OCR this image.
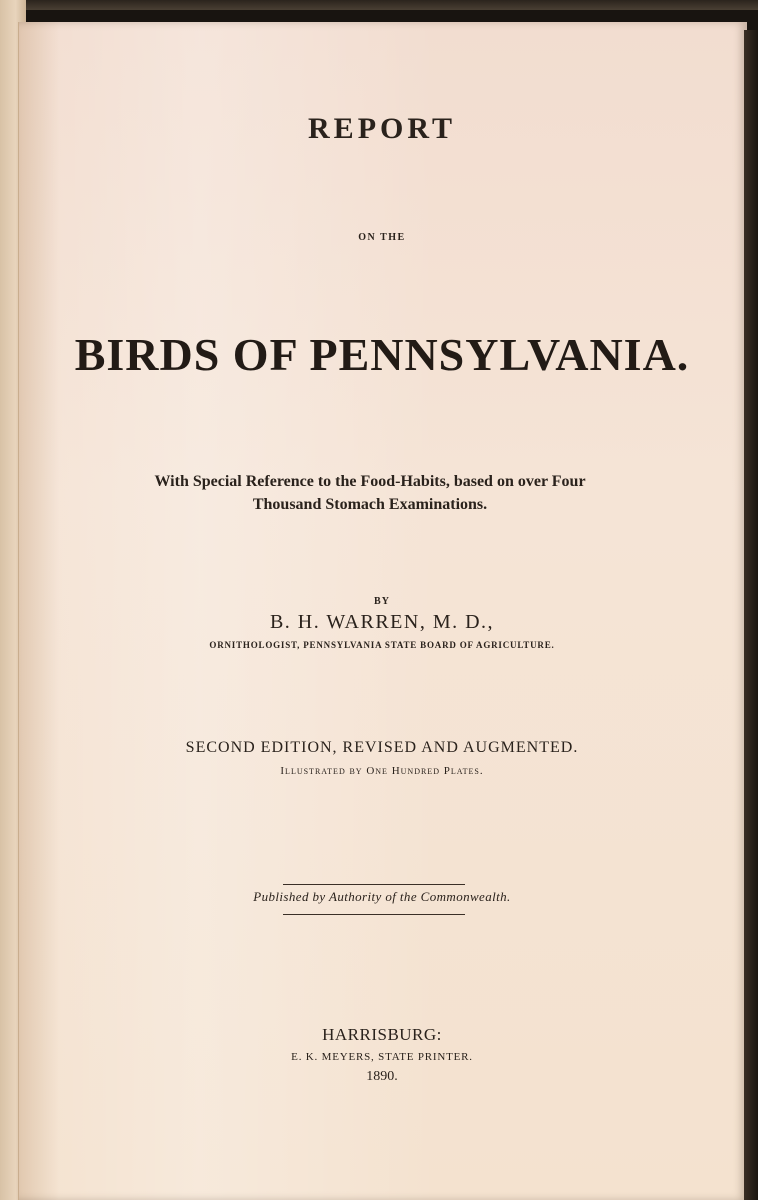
REPORT
ON THE
BIRDS OF PENNSYLVANIA.
With Special Reference to the Food-Habits, based on over Four
Thousand Stomach Examinations.
BY
B. H. WARREN, M. D.,
ORNITHOLOGIST, PENNSYLVANIA STATE BOARD OF AGRICULTURE.
SECOND EDITION, REVISED AND AUGMENTED.
Illustrated by One Hundred Plates.
Published by Authority of the Commonwealth.
HARRISBURG:
E. K. MEYERS, STATE PRINTER.
1890.
